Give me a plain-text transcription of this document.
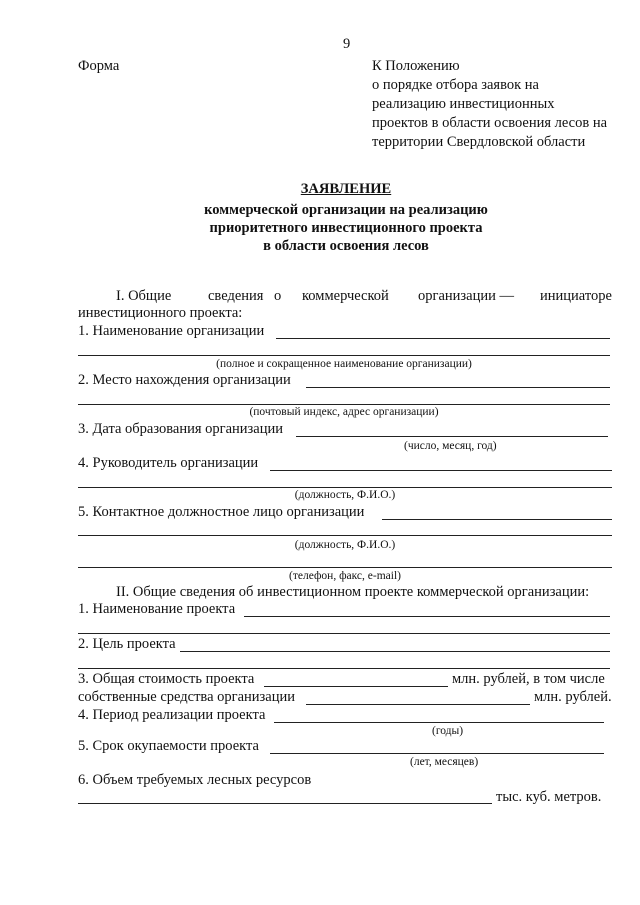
9
Форма	К Положению
о порядке отбора заявок на
реализацию инвестиционных
проектов в области освоения лесов на
территории Свердловской области
ЗАЯВЛЕНИЕ
коммерческой организации на реализацию
приоритетного инвестиционного проекта
в области освоения лесов
I. Общие	сведения о коммерческой организации — инициаторе
инвестиционного проекта:
1. Наименование организации
(полное и сокращенное наименование организации)
2. Место нахождения организации
(почтовый индекс, адрес организации)
3. Дата образования организации
(число, месяц, год)
4. Руководитель организации
(должность, Ф.И.О.)
5. Контактное должностное лицо организации
(должность, Ф.И.О.)
(телефон, факс, e-mail)
II. Общие сведения об инвестиционном проекте коммерческой организации:
1. Наименование проекта
2. Цель проекта
3. Общая стоимость проекта	млн. рублей, в том числе
собственные средства организации	млн. рублей.
4. Период реализации проекта
(годы)
5. Срок окупаемости проекта
(лет, месяцев)
6. Объем требуемых лесных ресурсов
тыс. куб. метров.
